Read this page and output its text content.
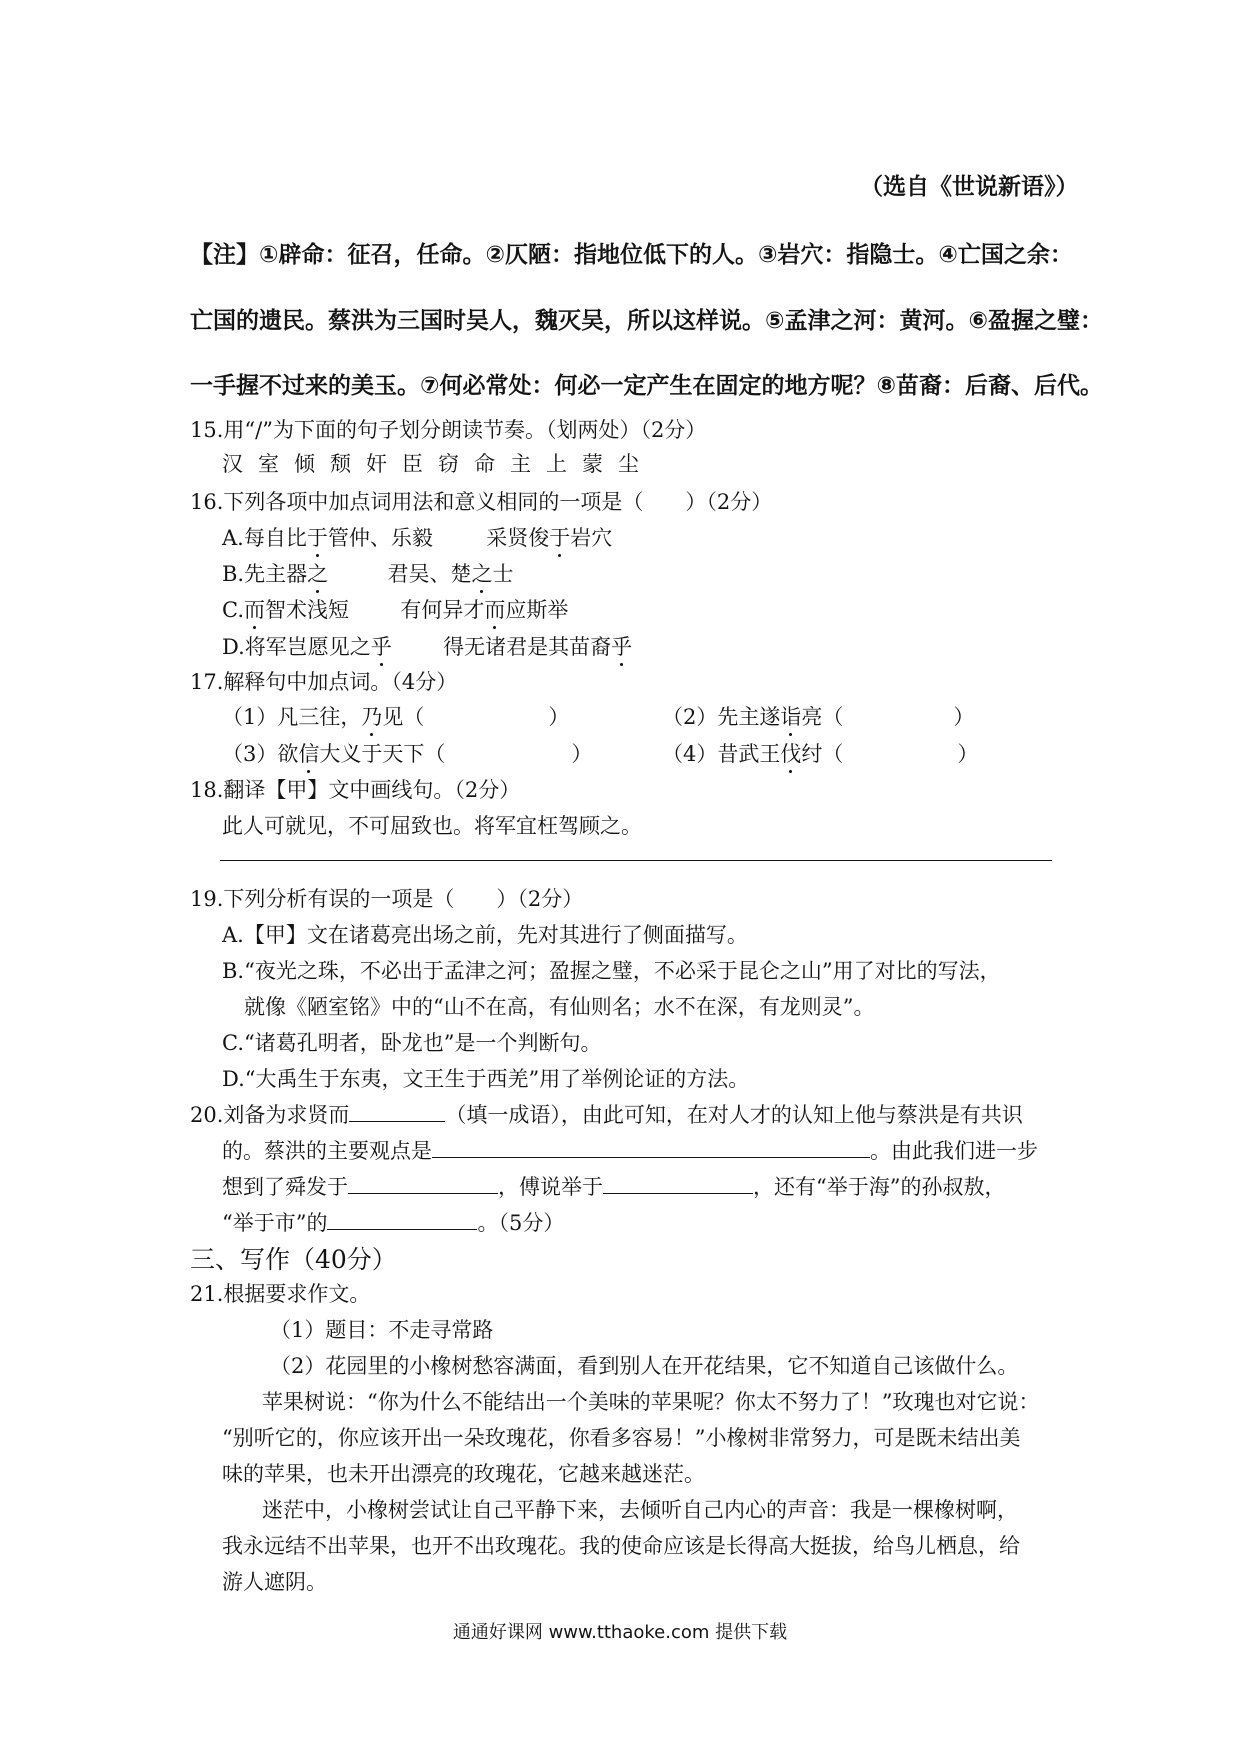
（选自《世说新语》）
【注】①辟命：征召，任命。②仄陋：指地位低下的人。③岩穴：指隐士。④亡国之余：
亡国的遗民。蔡洪为三国时吴人，魏灭吴，所以这样说。⑤孟津之河：黄河。⑥盈握之璧：
一手握不过来的美玉。⑦何必常处：何必一定产生在固定的地方呢？⑧苗裔：后裔、后代。
15.用“/”为下面的句子划分朗读节奏。（划两处）（2分）
汉室倾颓奸臣窃命主上蒙尘
16.下列各项中加点词用法和意义相同的一项是（　　）（2分）
A.每自比于管仲、乐毅	采贤俊于岩穴
B.先主器之	君吴、楚之士
C.而智术浅短 有何异才而应斯举
D.将军岂愿见之乎 得无诸君是其苗裔乎
17.解释句中加点词。（4分）
（1）凡三往，乃见（	）	（2）先主遂诣亮（	）
（3）欲信大义于天下（	）	（4）昔武王伐纣（	）
18.翻译【甲】文中画线句。（2分）
此人可就见，不可屈致也。将军宜枉驾顾之。
19.下列分析有误的一项是（　　）（2分）
A.【甲】文在诸葛亮出场之前，先对其进行了侧面描写。
B.“夜光之珠，不必出于孟津之河；盈握之璧，不必采于昆仑之山”用了对比的写法，
就像《陋室铭》中的“山不在高，有仙则名；水不在深，有龙则灵”。
C.“诸葛孔明者，卧龙也”是一个判断句。
D.“大禹生于东夷，文王生于西羌”用了举例论证的方法。
20.刘备为求贤而	（填一成语），由此可知，在对人才的认知上他与蔡洪是有共识
的。蔡洪的主要观点是	。由此我们进一步
想到了舜发于	，傅说举于	，还有“举于海”的孙叔敖，
“举于市”的	。（5分）
三、写作（40分）
21.根据要求作文。
（1）题目：不走寻常路
（2）花园里的小橡树愁容满面，看到别人在开花结果，它不知道自己该做什么。
苹果树说：“你为什么不能结出一个美味的苹果呢？你太不努力了！”玫瑰也对它说：
“别听它的，你应该开出一朵玫瑰花，你看多容易！”小橡树非常努力，可是既未结出美
味的苹果，也未开出漂亮的玫瑰花，它越来越迷茫。
迷茫中，小橡树尝试让自己平静下来，去倾听自己内心的声音：我是一棵橡树啊，
我永远结不出苹果，也开不出玫瑰花。我的使命应该是长得高大挺拔，给鸟儿栖息，给
游人遮阴。
通通好课网 www.tthaoke.com 提供下载
